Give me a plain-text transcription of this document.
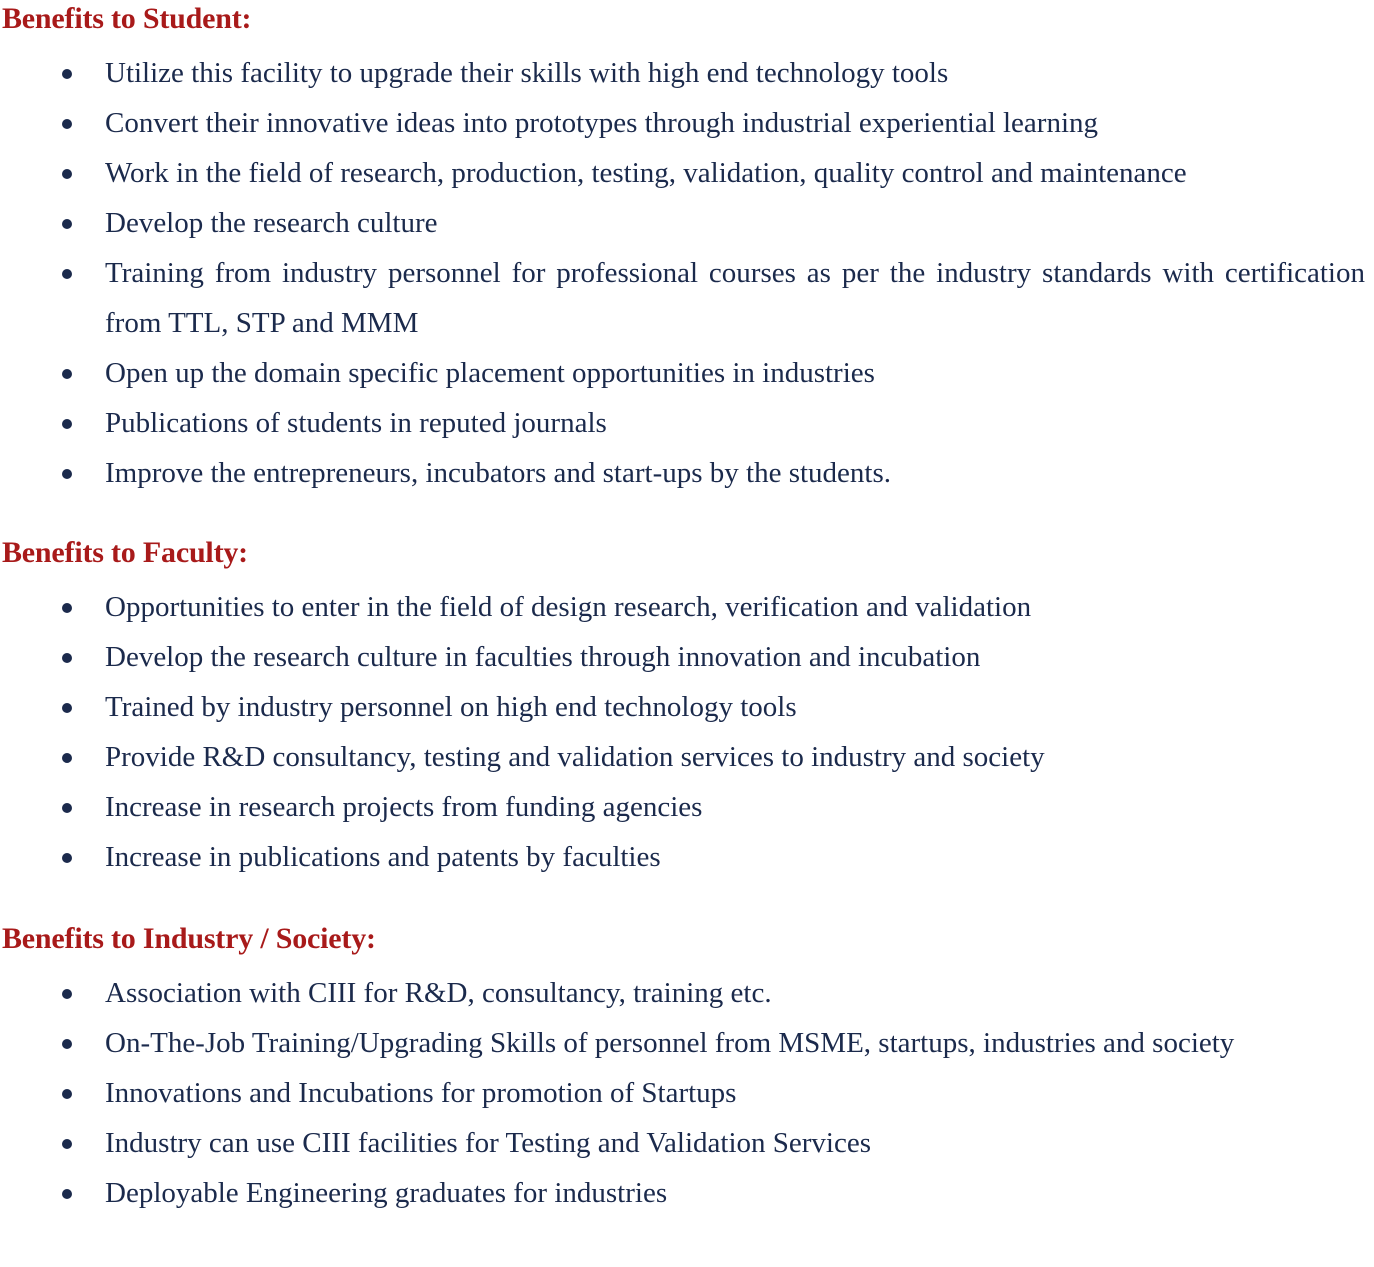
Benefits to Student:
Utilize this facility to upgrade their skills with high end technology tools
Convert their innovative ideas into prototypes through industrial experiential learning
Work in the field of research, production, testing, validation, quality control and maintenance
Develop the research culture
Training from industry personnel for professional courses as per the industry standards with certification from TTL, STP and MMM
Open up the domain specific placement opportunities in industries
Publications of students in reputed journals
Improve the entrepreneurs, incubators and start-ups by the students.
Benefits to Faculty:
Opportunities to enter in the field of design research, verification and validation
Develop the research culture in faculties through innovation and incubation
Trained by industry personnel on high end technology tools
Provide R&D consultancy, testing and validation services to industry and society
Increase in research projects from funding agencies
Increase in publications and patents by faculties
Benefits to Industry / Society:
Association with CIII for R&D, consultancy, training etc.
On-The-Job Training/Upgrading Skills of personnel from MSME, startups, industries and society
Innovations and Incubations for promotion of Startups
Industry can use CIII facilities for Testing and Validation Services
Deployable Engineering graduates for industries
